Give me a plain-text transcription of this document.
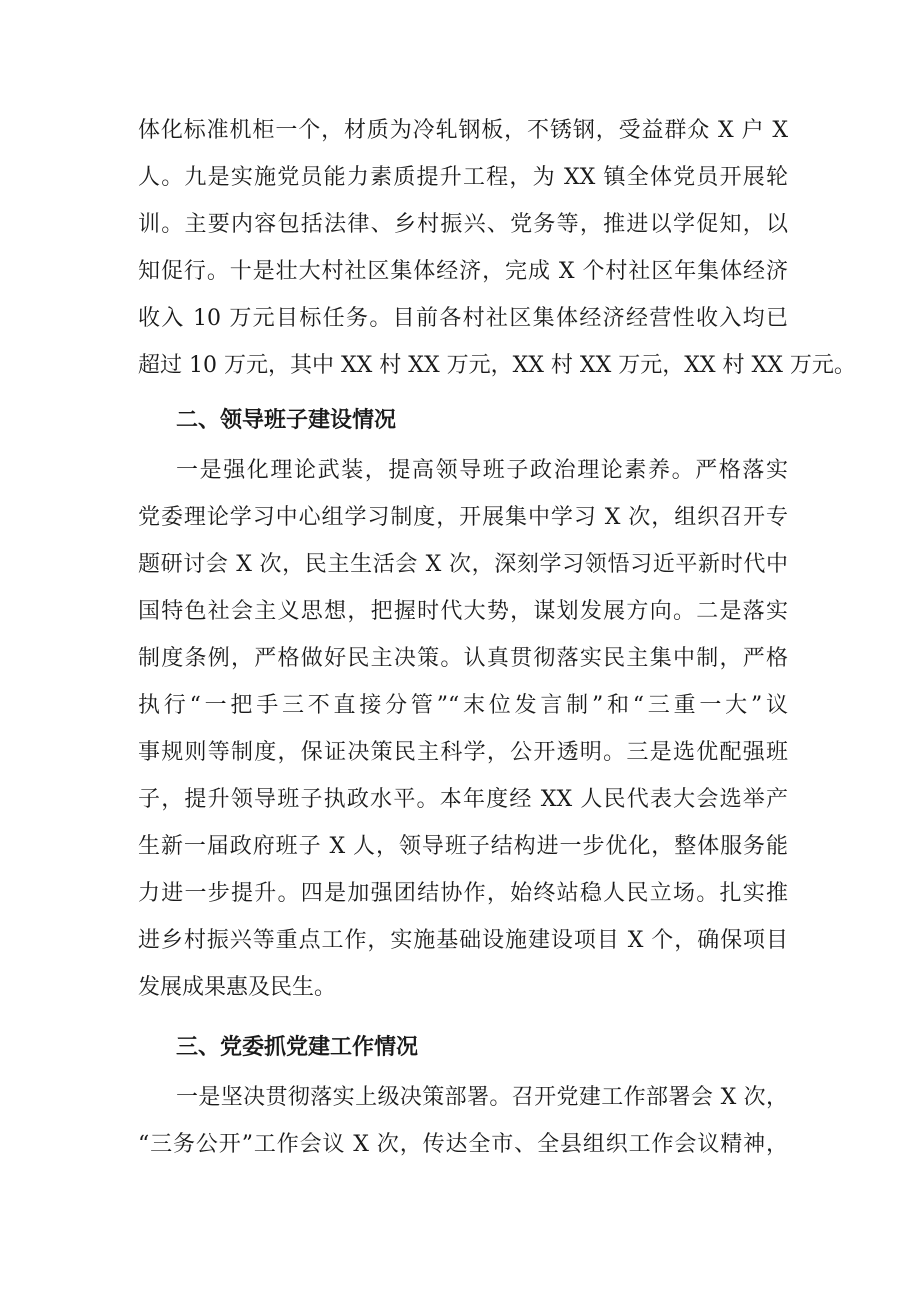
体化标准机柜一个，材质为冷轧钢板，不锈钢，受益群众 X 户 X
人。九是实施党员能力素质提升工程，为 XX 镇全体党员开展轮
训。主要内容包括法律、乡村振兴、党务等，推进以学促知，以
知促行。十是壮大村社区集体经济，完成 X 个村社区年集体经济
收入 10 万元目标任务。目前各村社区集体经济经营性收入均已
超过 10 万元，其中 XX 村 XX 万元，XX 村 XX 万元，XX 村 XX 万元。
二、领导班子建设情况
一是强化理论武装，提高领导班子政治理论素养。严格落实
党委理论学习中心组学习制度，开展集中学习 X 次，组织召开专
题研讨会 X 次，民主生活会 X 次，深刻学习领悟习近平新时代中
国特色社会主义思想，把握时代大势，谋划发展方向。二是落实
制度条例，严格做好民主决策。认真贯彻落实民主集中制，严格
执行“一把手三不直接分管”“末位发言制”和“三重一大”议
事规则等制度，保证决策民主科学，公开透明。三是选优配强班
子，提升领导班子执政水平。本年度经 XX 人民代表大会选举产
生新一届政府班子 X 人，领导班子结构进一步优化，整体服务能
力进一步提升。四是加强团结协作，始终站稳人民立场。扎实推
进乡村振兴等重点工作，实施基础设施建设项目 X 个，确保项目
发展成果惠及民生。
三、党委抓党建工作情况
一是坚决贯彻落实上级决策部署。召开党建工作部署会 X 次，
“三务公开”工作会议 X 次，传达全市、全县组织工作会议精神，
